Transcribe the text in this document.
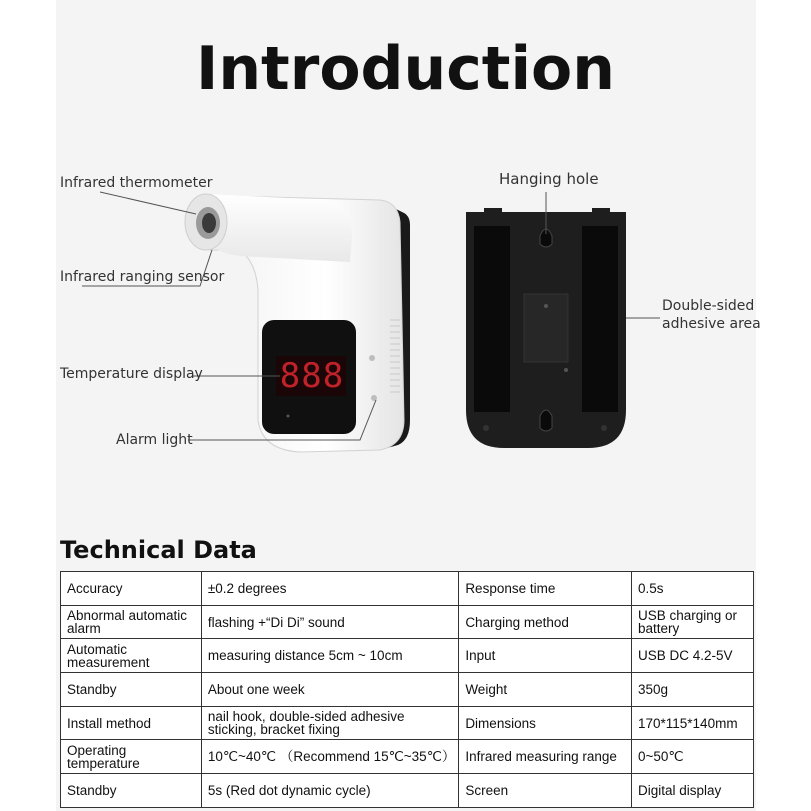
Introduction
888
Infrared thermometer
Infrared ranging sensor
Temperature display
Alarm light
Hanging hole
Double-sided
adhesive area
Technical Data
Accuracy	±0.2 degrees	Response time	0.5s
Abnormal automatic alarm	flashing +“Di Di” sound	Charging method	USB charging or battery
Automatic measurement	measuring distance 5cm ~ 10cm	Input	USB DC 4.2-5V
Standby	About one week	Weight	350g
Install method	nail hook, double-sided adhesive sticking, bracket fixing	Dimensions	170*115*140mm
Operating temperature	10℃~40℃ （Recommend 15℃~35℃）	Infrared measuring range	0~50℃
Standby	5s (Red dot dynamic cycle)	Screen	Digital display
